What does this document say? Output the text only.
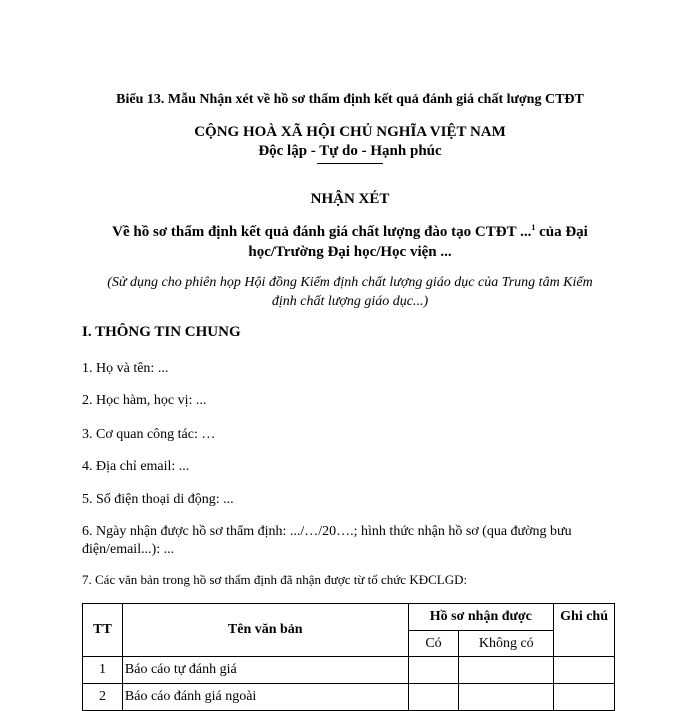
Biểu 13. Mẫu Nhận xét về hồ sơ thẩm định kết quả đánh giá chất lượng CTĐT
CỘNG HOÀ XÃ HỘI CHỦ NGHĨA VIỆT NAM
Độc lập - Tự do - Hạnh phúc
NHẬN XÉT
Về hồ sơ thẩm định kết quả đánh giá chất lượng đào tạo CTĐT ...$^1$ của Đại
học/Trường Đại học/Học viện ...
(Sử dụng cho phiên họp Hội đồng Kiểm định chất lượng giáo dục của Trung tâm Kiểm
định chất lượng giáo dục...)
I. THÔNG TIN CHUNG
1. Họ và tên: ...
2. Học hàm, học vị: ...
3. Cơ quan công tác: …
4. Địa chỉ email: ...
5. Số điện thoại di động: ...
6. Ngày nhận được hồ sơ thẩm định: .../…/20….; hình thức nhận hồ sơ (qua đường bưu
điện/email...): ...
7. Các văn bản trong hồ sơ thẩm định đã nhận được từ tổ chức KĐCLGD:
TT	Tên văn bản	Hồ sơ nhận được		Ghi chú
		Có	Không có	
1	Báo cáo tự đánh giá			
2	Báo cáo đánh giá ngoài			
